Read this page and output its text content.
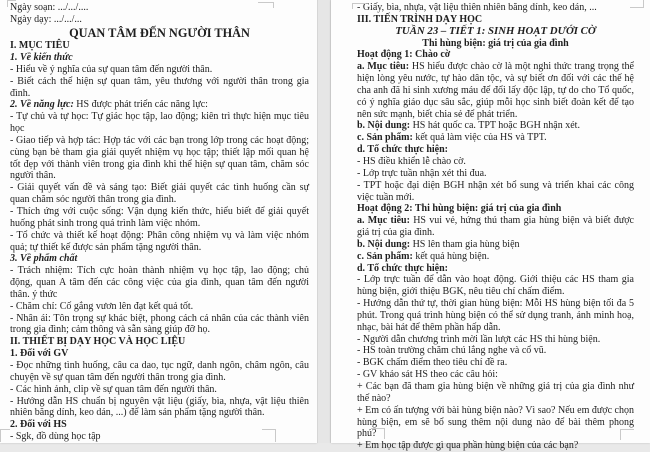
Ngày soạn: .../.../....

Ngày dạy: .../.../...

QUAN TÂM ĐẾN NGƯỜI THÂN

I. MỤC TIÊU

1. Về kiến thức

- Hiểu về ý nghĩa của sự quan tâm đến người thân.

- Biết cách thể hiện sự quan tâm, yêu thương với người thân trong gia đình.

2. Về năng lực: HS được phát triển các năng lực:

- Tự chủ và tự học: Tự giác học tập, lao động; kiên trì thực hiện mục tiêu học

- Giao tiếp và hợp tác: Hợp tác với các bạn trong lớp trong các hoạt động; cùng bạn bè tham gia giải quyết nhiệm vụ học tập; thiết lập mối quan hệ tốt đẹp với thành viên trong gia đình khi thể hiện sự quan tâm, chăm sóc người thân.

- Giải quyết vấn đề và sáng tạo: Biết giải quyết các tình huống cần sự quan chăm sóc người thân trong gia đình.

- Thích ứng với cuộc sống: Vận dụng kiến thức, hiểu biết để giải quyết huống phát sinh trong quá trình làm việc nhóm.

- Tổ chức và thiết kế hoạt động: Phân công nhiệm vụ và làm việc nhóm quả; tự thiết kế được sản phẩm tặng người thân.

3. Về phẩm chất

- Trách nhiệm: Tích cực hoàn thành nhiệm vụ học tập, lao động; chủ động, quan A tâm đến các công việc của gia đình, quan tâm đến người thân. ý thức

- Chăm chỉ: Cố gắng vươn lên đạt kết quả tốt.

- Nhân ái: Tôn trọng sự khác biệt, phong cách cá nhân của các thành viên trong gia đình; cảm thông và sẵn sàng giúp đỡ họ.

II. THIẾT BỊ DẠY HỌC VÀ HỌC LIỆU

1. Đối với GV

- Đọc những tình huống, câu ca dao, tục ngữ, danh ngôn, châm ngôn, câu chuyện về sự quan tâm đến người thân trong gia đình.

- Các hình ảnh, clip về sự quan tâm đến người thân.

- Hướng dẫn HS chuẩn bị nguyên vật liệu (giấy, bìa, nhựa, vật liệu thiên nhiên băng dính, keo dán, ...) để làm sản phẩm tặng người thân.

2. Đối với HS

- Sgk, đồ dùng học tập

- Giấy, bìa, nhựa, vật liệu thiên nhiên băng dính, keo dán, ...

III. TIẾN TRÌNH DẠY HỌC

TUẦN 23 – TIẾT 1: SINH HOẠT DƯỚI CỜ

Thi hùng biện: giá trị của gia đình

Hoạt động 1: Chào cờ

a. Mục tiêu: HS hiểu được chào cờ là một nghi thức trang trọng thể hiện lòng yêu nước, tự hào dân tộc, và sự biết ơn đối với các thế hệ cha anh đã hi sinh xương máu để đổi lấy độc lập, tự do cho Tổ quốc, có ý nghĩa giáo dục sâu sắc, giúp mỗi học sinh biết đoàn kết để tạo nên sức mạnh, biết chia sẻ để phát triển.

b. Nội dung: HS hát quốc ca. TPT hoặc BGH nhận xét.

c. Sản phẩm: kết quả làm việc của HS và TPT.

d. Tổ chức thực hiện:

- HS điều khiển lễ chào cờ.

- Lớp trực tuần nhận xét thi đua.

- TPT hoặc đại diện BGH nhận xét bổ sung và triển khai các công việc tuần mới.

Hoạt động 2: Thi hùng biện: giá trị của gia đình

a. Mục tiêu: HS vui vẻ, hứng thú tham gia hùng biện và biết được giá trị của gia đình.

b. Nội dung: HS lên tham gia hùng biện

c. Sản phẩm: kết quả hùng biện.

d. Tổ chức thực hiện:

- Lớp trực tuần để dẫn vào hoạt động. Giới thiệu các HS tham gia hùng biện, giới thiệu BGK, nêu tiêu chí chấm điểm.

- Hướng dẫn thứ tự, thời gian hùng biện: Mỗi HS hùng biện tối đa 5 phút. Trong quá trình hùng biện có thể sử dụng tranh, ảnh minh hoạ, nhạc, bài hát để thêm phần hấp dẫn.

- Người dẫn chương trình mời lần lượt các HS thi hùng biện.

- HS toàn trường chăm chú lắng nghe và cổ vũ.

- BGK chấm điểm theo tiêu chí đề ra.

- GV khảo sát HS theo các câu hỏi:

+ Các bạn đã tham gia hùng biện về những giá trị của gia đình như thế nào?

+ Em có ấn tượng với bài hùng biện nào? Vì sao? Nếu em được chọn hùng biện, em sẽ bổ sung thêm nội dung nào để bài thêm phong phú?

+ Em học tập được gì qua phần hùng biện của các bạn?
